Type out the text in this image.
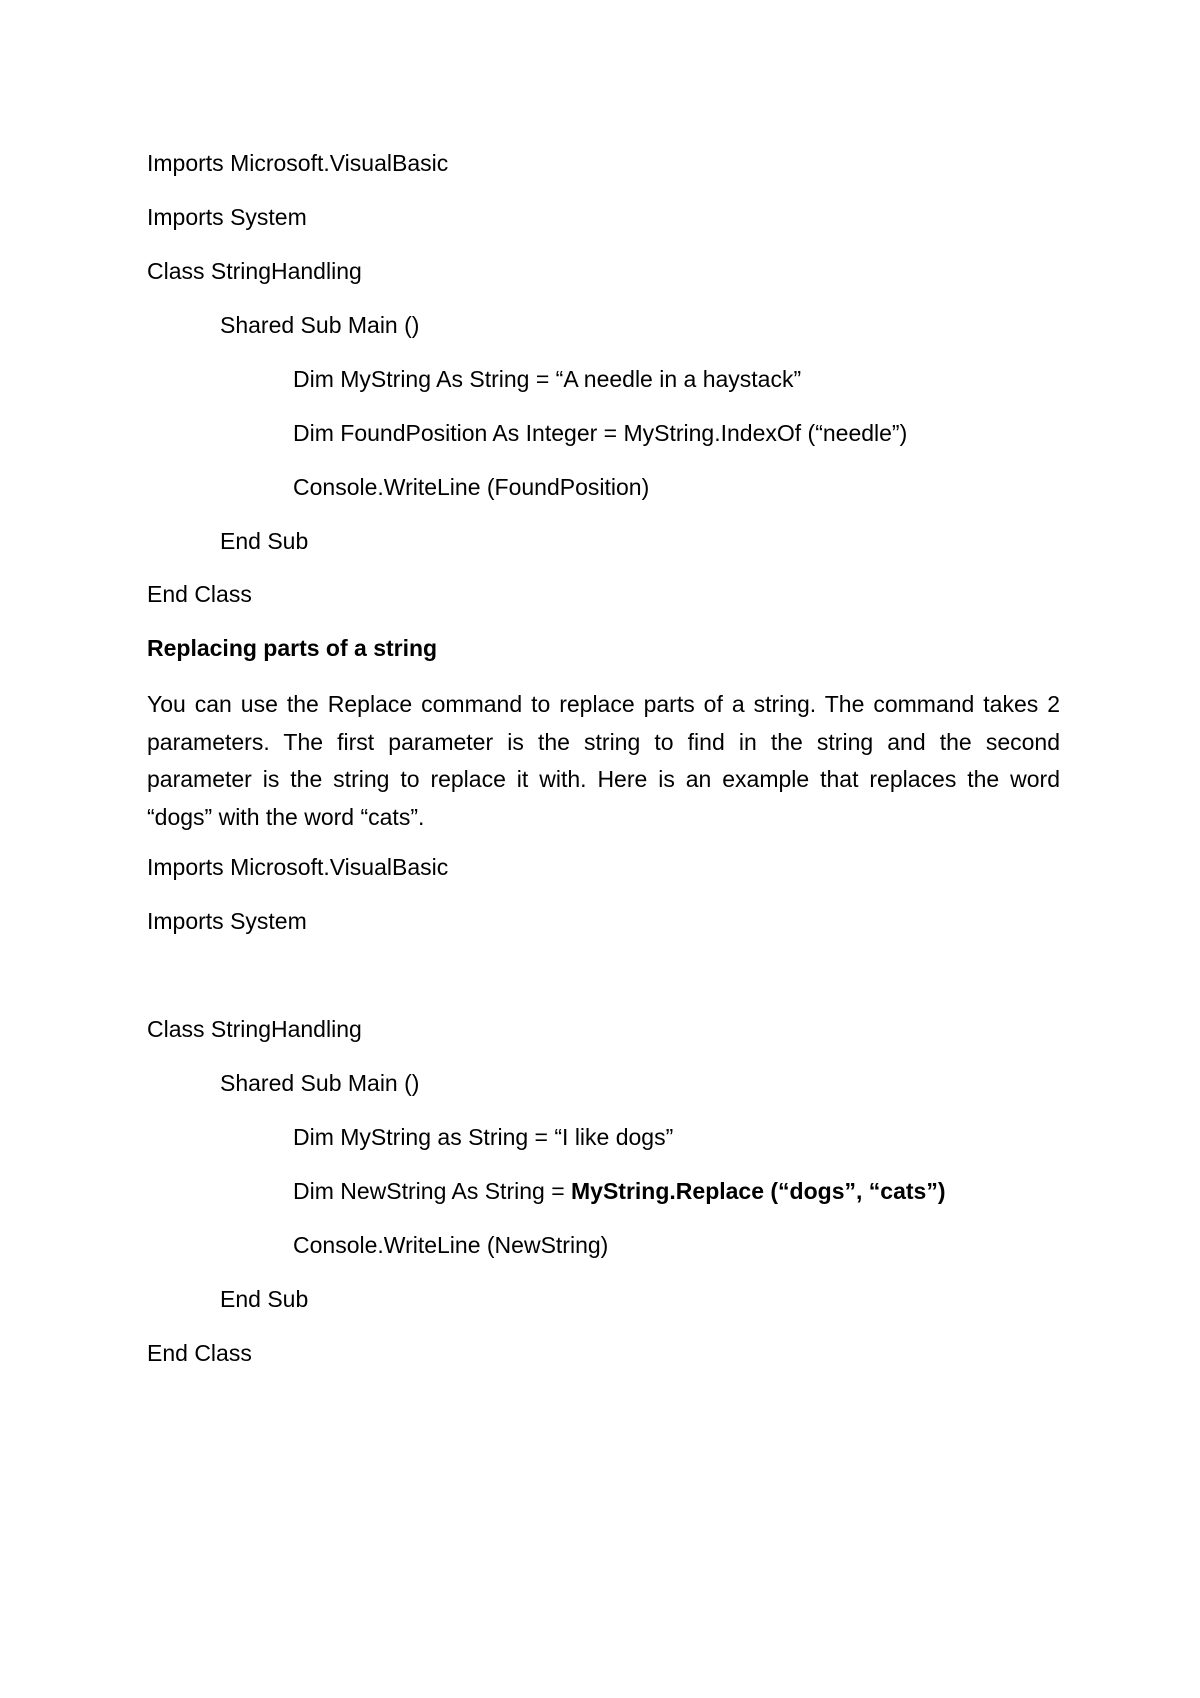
Imports Microsoft.VisualBasic
Imports System
Class StringHandling
Shared Sub Main ()
Dim MyString As String = “A needle in a haystack”
Dim FoundPosition As Integer = MyString.IndexOf (“needle”)
Console.WriteLine (FoundPosition)
End Sub
End Class
Replacing parts of a string
You can use the Replace command to replace parts of a string. The command takes 2 parameters. The first parameter is the string to find in the string and the second parameter is the string to replace it with. Here is an example that replaces the word “dogs” with the word “cats”.
Imports Microsoft.VisualBasic
Imports System
Class StringHandling
Shared Sub Main ()
Dim MyString as String = “I like dogs”
Dim NewString As String = MyString.Replace (“dogs”, “cats”)
Console.WriteLine (NewString)
End Sub
End Class
